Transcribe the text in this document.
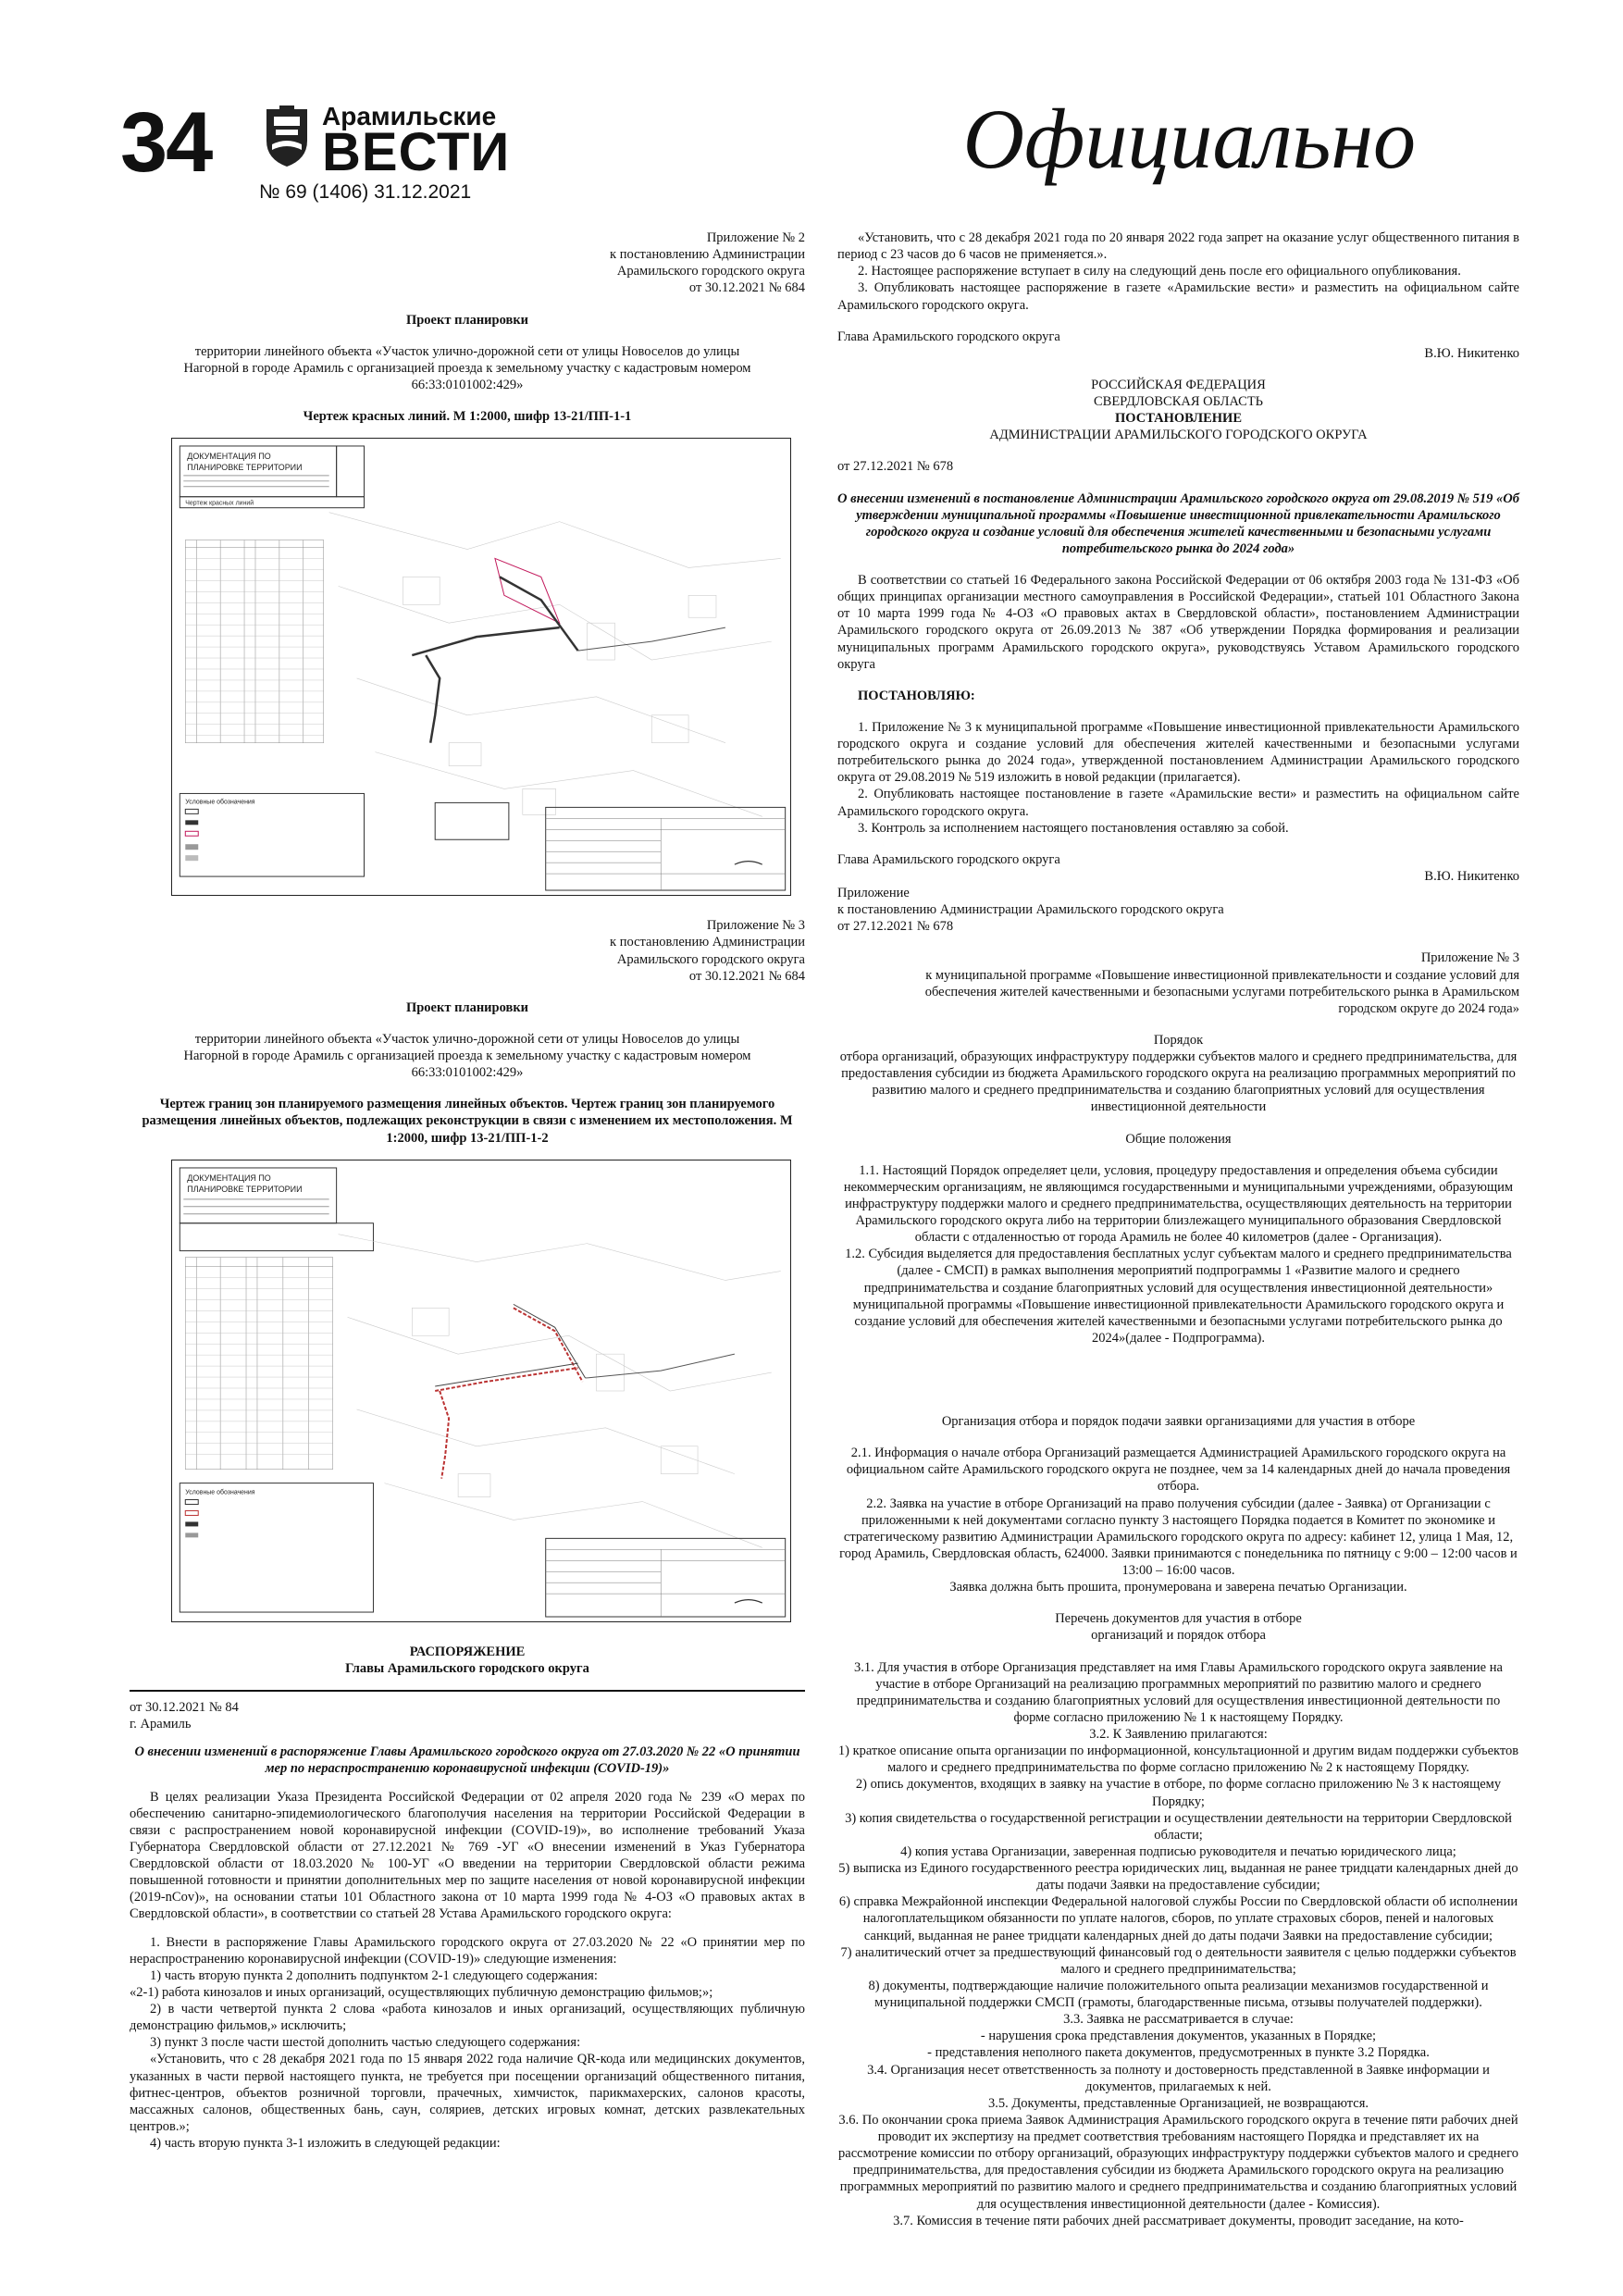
34	Арамильские
ВЕСТИ
№ 69 (1406) 31.12.2021
Официально
Приложение № 2
к постановлению Администрации
Арамильского городского округа
от 30.12.2021 № 684
Проект планировки
территории линейного объекта «Участок улично-дорожной сети от улицы Новоселов до улицы Нагорной в городе Арамиль с организацией проезда к земельному участку с кадастровым номером 66:33:0101002:429»
Чертеж красных линий. М 1:2000, шифр 13-21/ПП-1-1
ДОКУМЕНТАЦИЯ ПО
ПЛАНИРОВКЕ ТЕРРИТОРИИ
Чертеж красных линий
Условные обозначения
Приложение № 3
к постановлению Администрации
Арамильского городского округа
от 30.12.2021 № 684
Проект планировки
территории линейного объекта «Участок улично-дорожной сети от улицы Новоселов до улицы Нагорной в городе Арамиль с организацией проезда к земельному участку с кадастровым номером 66:33:0101002:429»
Чертеж границ зон планируемого размещения линейных объектов. Чертеж границ зон планируемого размещения линейных объектов, подлежащих реконструкции в связи с изменением их местоположения. М 1:2000, шифр 13-21/ПП-1-2
ДОКУМЕНТАЦИЯ ПО
ПЛАНИРОВКЕ ТЕРРИТОРИИ
Условные обозначения
РАСПОРЯЖЕНИЕ
Главы Арамильского городского округа
от 30.12.2021 № 84
г. Арамиль
О внесении изменений в распоряжение Главы Арамильского городского округа от 27.03.2020 № 22 «О принятии мер по нераспространению коронавирусной инфекции (COVID-19)»
В целях реализации Указа Президента Российской Федерации от 02 апреля 2020 года № 239 «О мерах по обеспечению санитарно-эпидемиологического благополучия населения на территории Российской Федерации в связи с распространением новой коронавирусной инфекции (COVID-19)», во исполнение требований Указа Губернатора Свердловской области от 27.12.2021 № 769 -УГ «О внесении изменений в Указ Губернатора Свердловской области от 18.03.2020 № 100-УГ «О введении на территории Свердловской области режима повышенной готовности и принятии дополнительных мер по защите населения от новой коронавирусной инфекции (2019-nCov)», на основании статьи 101 Областного закона от 10 марта 1999 года № 4-ОЗ «О правовых актах в Свердловской области», в соответствии со статьей 28 Устава Арамильского городского округа:
1. Внести в распоряжение Главы Арамильского городского округа от 27.03.2020 № 22 «О принятии мер по нераспространению коронавирусной инфекции (COVID-19)» следующие изменения:
1) часть вторую пункта 2 дополнить подпунктом 2-1 следующего содержания:
«2-1) работа кинозалов и иных организаций, осуществляющих публичную демонстрацию фильмов;»;
2) в части четвертой пункта 2 слова «работа кинозалов и иных организаций, осуществляющих публичную демонстрацию фильмов,» исключить;
3) пункт 3 после части шестой дополнить частью следующего содержания:
«Установить, что с 28 декабря 2021 года по 15 января 2022 года наличие QR-кода или медицинских документов, указанных в части первой настоящего пункта, не требуется при посещении организаций общественного питания, фитнес-центров, объектов розничной торговли, прачечных, химчисток, парикмахерских, салонов красоты, массажных салонов, общественных бань, саун, соляриев, детских игровых комнат, детских развлекательных центров.»;
4) часть вторую пункта 3-1 изложить в следующей редакции:
«Установить, что с 28 декабря 2021 года по 20 января 2022 года запрет на оказание услуг общественного питания в период с 23 часов до 6 часов не применяется.».
2. Настоящее распоряжение вступает в силу на следующий день после его официального опубликования.
3. Опубликовать настоящее распоряжение в газете «Арамильские вести» и разместить на официальном сайте Арамильского городского округа.
Глава Арамильского городского округа
В.Ю. Никитенко
РОССИЙСКАЯ ФЕДЕРАЦИЯ
СВЕРДЛОВСКАЯ ОБЛАСТЬ
ПОСТАНОВЛЕНИЕ
АДМИНИСТРАЦИИ АРАМИЛЬСКОГО ГОРОДСКОГО ОКРУГА
от 27.12.2021 № 678
О внесении изменений в постановление Администрации Арамильского городского округа от 29.08.2019 № 519 «Об утверждении муниципальной программы «Повышение инвестиционной привлекательности Арамильского городского округа и создание условий для обеспечения жителей качественными и безопасными услугами потребительского рынка до 2024 года»
В соответствии со статьей 16 Федерального закона Российской Федерации от 06 октября 2003 года № 131-ФЗ «Об общих принципах организации местного самоуправления в Российской Федерации», статьей 101 Областного Закона от 10 марта 1999 года № 4-ОЗ «О правовых актах в Свердловской области», постановлением Администрации Арамильского городского округа от 26.09.2013 № 387 «Об утверждении Порядка формирования и реализации муниципальных программ Арамильского городского округа», руководствуясь Уставом Арамильского городского округа
ПОСТАНОВЛЯЮ:
1. Приложение № 3 к муниципальной программе «Повышение инвестиционной привлекательности Арамильского городского округа и создание условий для обеспечения жителей качественными и безопасными услугами потребительского рынка до 2024 года», утвержденной постановлением Администрации Арамильского городского округа от 29.08.2019 № 519 изложить в новой редакции (прилагается).
2. Опубликовать настоящее постановление в газете «Арамильские вести» и разместить на официальном сайте Арамильского городского округа.
3. Контроль за исполнением настоящего постановления оставляю за собой.
Глава Арамильского городского округа
В.Ю. Никитенко
Приложение
к постановлению Администрации Арамильского городского округа
от 27.12.2021 № 678
Приложение № 3
к муниципальной программе «Повышение инвестиционной привлекательности и создание условий для обеспечения жителей качественными и безопасными услугами потребительского рынка в Арамильском городском округе до 2024 года»
Порядок
отбора организаций, образующих инфраструктуру поддержки субъектов малого и среднего предпринимательства, для предоставления субсидии из бюджета Арамильского городского округа на реализацию программных мероприятий по развитию малого и среднего предпринимательства и созданию благоприятных условий для осуществления инвестиционной деятельности
Общие положения
1.1. Настоящий Порядок определяет цели, условия, процедуру предоставления и определения объема субсидии некоммерческим организациям, не являющимся государственными и муниципальными учреждениями, образующим инфраструктуру поддержки малого и среднего предпринимательства, осуществляющих деятельность на территории Арамильского городского округа либо на территории близлежащего муниципального образования Свердловской области с отдаленностью от города Арамиль не более 40 километров (далее - Организация).
1.2. Субсидия выделяется для предоставления бесплатных услуг субъектам малого и среднего предпринимательства (далее - СМСП) в рамках выполнения мероприятий подпрограммы 1 «Развитие малого и среднего предпринимательства и создание благоприятных условий для осуществления инвестиционной деятельности» муниципальной программы «Повышение инвестиционной привлекательности Арамильского городского округа и создание условий для обеспечения жителей качественными и безопасными услугами потребительского рынка до 2024»(далее - Подпрограмма).
Организация отбора и порядок подачи заявки организациями для участия в отборе
2.1. Информация о начале отбора Организаций размещается Администрацией Арамильского городского округа на официальном сайте Арамильского городского округа не позднее, чем за 14 календарных дней до начала проведения отбора.
2.2. Заявка на участие в отборе Организаций на право получения субсидии (далее - Заявка) от Организации с приложенными к ней документами согласно пункту 3 настоящего Порядка подается в Комитет по экономике и стратегическому развитию Администрации Арамильского городского округа по адресу: кабинет 12, улица 1 Мая, 12, город Арамиль, Свердловская область, 624000. Заявки принимаются с понедельника по пятницу с 9:00 – 12:00 часов и 13:00 – 16:00 часов.
Заявка должна быть прошита, пронумерована и заверена печатью Организации.
Перечень документов для участия в отборе организаций и порядок отбора
3.1. Для участия в отборе Организация представляет на имя Главы Арамильского городского округа заявление на участие в отборе Организаций на реализацию программных мероприятий по развитию малого и среднего предпринимательства и созданию благоприятных условий для осуществления инвестиционной деятельности по форме согласно приложению № 1 к настоящему Порядку.
3.2. К Заявлению прилагаются:
1) краткое описание опыта организации по информационной, консультационной и другим видам поддержки субъектов малого и среднего предпринимательства по форме согласно приложению № 2 к настоящему Порядку.
2) опись документов, входящих в заявку на участие в отборе, по форме согласно приложению № 3 к настоящему Порядку;
3) копия свидетельства о государственной регистрации и осуществлении деятельности на территории Свердловской области;
4) копия устава Организации, заверенная подписью руководителя и печатью юридического лица;
5) выписка из Единого государственного реестра юридических лиц, выданная не ранее тридцати календарных дней до даты подачи Заявки на предоставление субсидии;
6) справка Межрайонной инспекции Федеральной налоговой службы России по Свердловской области об исполнении налогоплательщиком обязанности по уплате налогов, сборов, по уплате страховых сборов, пеней и налоговых санкций, выданная не ранее тридцати календарных дней до даты подачи Заявки на предоставление субсидии;
7) аналитический отчет за предшествующий финансовый год о деятельности заявителя с целью поддержки субъектов малого и среднего предпринимательства;
8) документы, подтверждающие наличие положительного опыта реализации механизмов государственной и муниципальной поддержки СМСП (грамоты, благодарственные письма, отзывы получателей поддержки).
3.3. Заявка не рассматривается в случае:
- нарушения срока представления документов, указанных в Порядке;
- представления неполного пакета документов, предусмотренных в пункте 3.2 Порядка.
3.4. Организация несет ответственность за полноту и достоверность представленной в Заявке информации и документов, прилагаемых к ней.
3.5. Документы, представленные Организацией, не возвращаются.
3.6. По окончании срока приема Заявок Администрация Арамильского городского округа в течение пяти рабочих дней проводит их экспертизу на предмет соответствия требованиям настоящего Порядка и представляет их на рассмотрение комиссии по отбору организаций, образующих инфраструктуру поддержки субъектов малого и среднего предпринимательства, для предоставления субсидии из бюджета Арамильского городского округа на реализацию программных мероприятий по развитию малого и среднего предпринимательства и созданию благоприятных условий для осуществления инвестиционной деятельности (далее - Комиссия).
3.7. Комиссия в течение пяти рабочих дней рассматривает документы, проводит заседание, на кото-
